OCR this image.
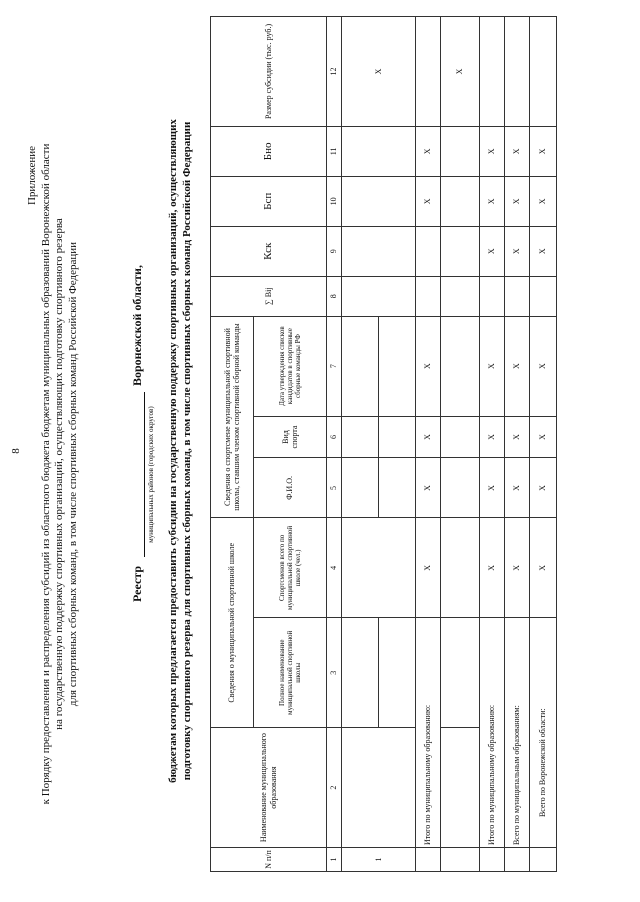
8
Приложение к Порядку предоставления и распределения субсидий из областного бюджета бюджетам муниципальных образований Воронежской области на государственную поддержку спортивных организаций, осуществляющих подготовку спортивного резерва для спортивных сборных команд, в том числе спортивных сборных команд Российской Федерации	Реестр
муниципальных районов (городских округов)
Воронежской области, бюджетам которых предлагается предоставить субсидии на государственную поддержку спортивных организаций, осуществляющих подготовку спортивного резерва для спортивных сборных команд, в том числе спортивных сборных команд Российской Федерации
N п/п	Наименование муниципального образования	Сведения о муниципальной спортивной школе		Сведения о спортсмене муниципальной спортивной школы, ставшим членом спортивной сборной команды			∑ Bij	Кск	Бсп	Бно	Размер субсидии (тыс. руб.)
		Полное наименование муниципальной спортивной школы	Спортсменов всего по муниципальной спортивной школе (чел.)	Ф.И.О.	Вид спорта	Дата утверждения списков кандидатов в спортивные сборные команды РФ					
1	2	3	4	5	6	7	8	9	10	11	12
1											X

	Итого по муниципальному образованию:		X	X	X	X			X	X	
											X
	Итого по муниципальному образованию:		X	X	X	X		X	X	X	
	Всего по муниципальным образованиям:		X	X	X	X		X	X	X	
	Всего по Воронежской области:		X	X	X	X		X	X	X	
